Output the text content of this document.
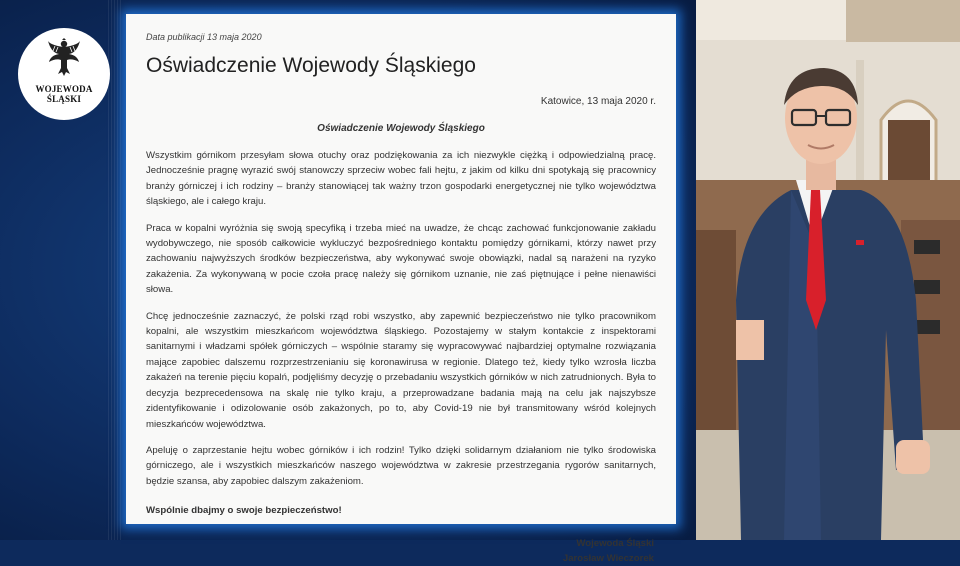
WOJEWODA ŚLĄSKI
Data publikacji 13 maja 2020
Oświadczenie Wojewody Śląskiego
Katowice, 13 maja 2020 r.
Oświadczenie Wojewody Śląskiego

Wszystkim górnikom przesyłam słowa otuchy oraz podziękowania za ich niezwykle ciężką i odpowiedzialną pracę. Jednocześnie pragnę wyrazić swój stanowczy sprzeciw wobec fali hejtu, z jakim od kilku dni spotykają się pracownicy branży górniczej i ich rodziny – branży stanowiącej tak ważny trzon gospodarki energetycznej nie tylko województwa śląskiego, ale i całego kraju.

Praca w kopalni wyróżnia się swoją specyfiką i trzeba mieć na uwadze, że chcąc zachować funkcjonowanie zakładu wydobywczego, nie sposób całkowicie wykluczyć bezpośredniego kontaktu pomiędzy górnikami, którzy nawet przy zachowaniu najwyższych środków bezpieczeństwa, aby wykonywać swoje obowiązki, nadal są narażeni na ryzyko zakażenia. Za wykonywaną w pocie czoła pracę należy się górnikom uznanie, nie zaś piętnujące i pełne nienawiści słowa.

Chcę jednocześnie zaznaczyć, że polski rząd robi wszystko, aby zapewnić bezpieczeństwo nie tylko pracownikom kopalni, ale wszystkim mieszkańcom województwa śląskiego. Pozostajemy w stałym kontakcie z inspektorami sanitarnymi i władzami spółek górniczych – wspólnie staramy się wypracowywać najbardziej optymalne rozwiązania mające zapobiec dalszemu rozprzestrzenianiu się koronawirusa w regionie. Dlatego też, kiedy tylko wzrosła liczba zakażeń na terenie pięciu kopalń, podjęliśmy decyzję o przebadaniu wszystkich górników w nich zatrudnionych. Była to decyzja bezprecedensowa na skalę nie tylko kraju, a przeprowadzane badania mają na celu jak najszybsze zidentyfikowanie i odizolowanie osób zakażonych, po to, aby Covid-19 nie był transmitowany wśród kolejnych mieszkańców województwa.

Apeluję o zaprzestanie hejtu wobec górników i ich rodzin! Tylko dzięki solidarnym działaniom nie tylko środowiska górniczego, ale i wszystkich mieszkańców naszego województwa w zakresie przestrzegania rygorów sanitarnych, będzie szansa, aby zapobiec dalszym zakażeniom.

Wspólnie dbajmy o swoje bezpieczeństwo!
Wojewoda Śląski
Jarosław Wieczorek
